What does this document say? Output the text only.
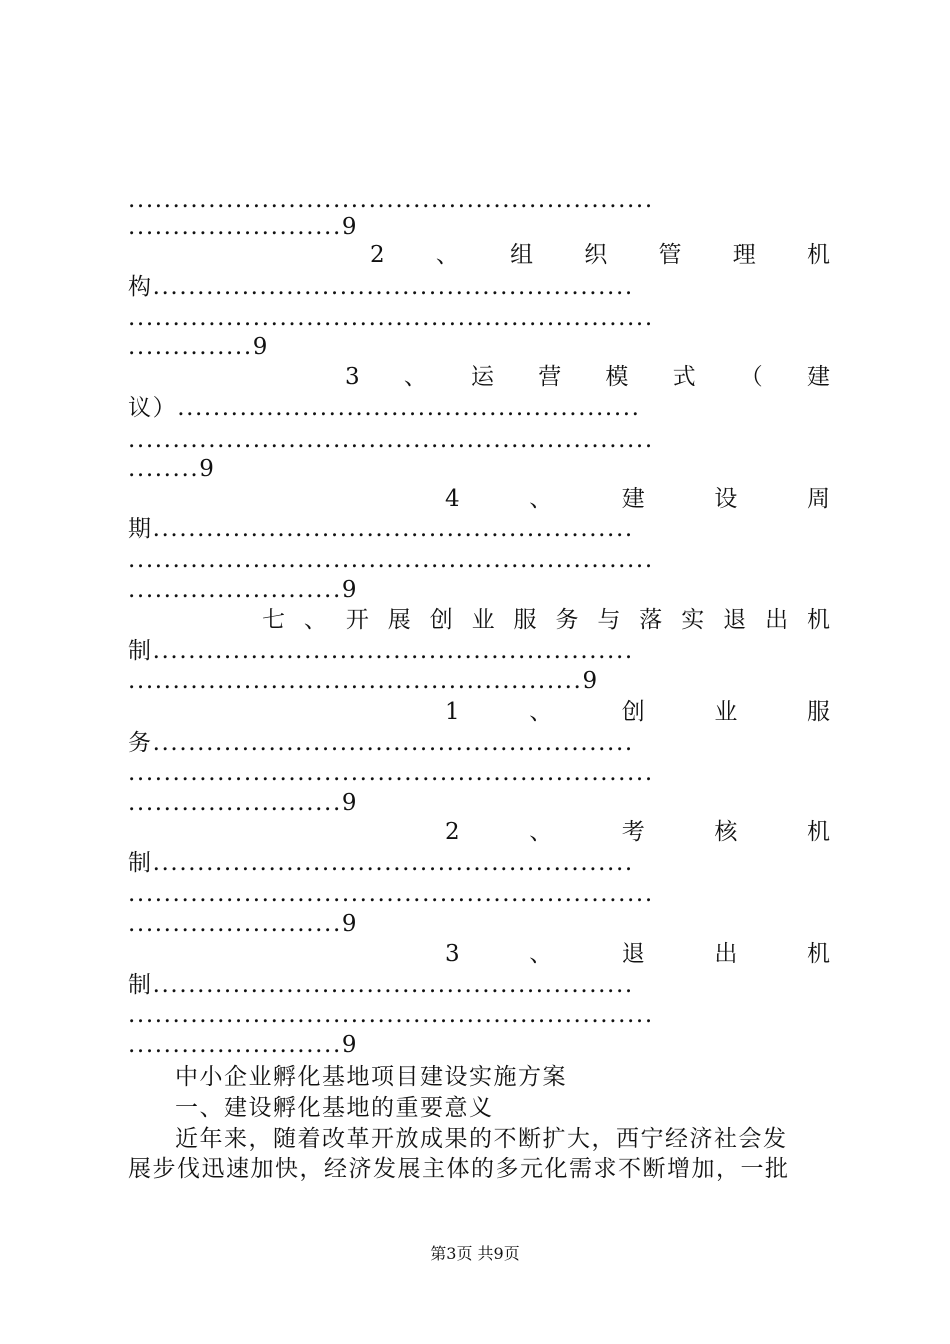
...........................................................
........................9
2 、 组 织 管 理 机
构......................................................
...........................................................
..............9
3 、 运 营 模 式 （ 建
议）....................................................
...........................................................
........9
4	、	建	设	周
期......................................................
...........................................................
........................9
七 、 开 展 创 业 服 务 与 落 实 退 出 机
制......................................................
...................................................9
1	、	创	业	服
务......................................................
...........................................................
........................9
2	、	考	核	机
制......................................................
...........................................................
........................9
3	、	退	出	机
制......................................................
...........................................................
........................9
中小企业孵化基地项目建设实施方案
一、建设孵化基地的重要意义
近年来，随着改革开放成果的不断扩大，西宁经济社会发
展步伐迅速加快，经济发展主体的多元化需求不断增加，一批
第3页 共9页
